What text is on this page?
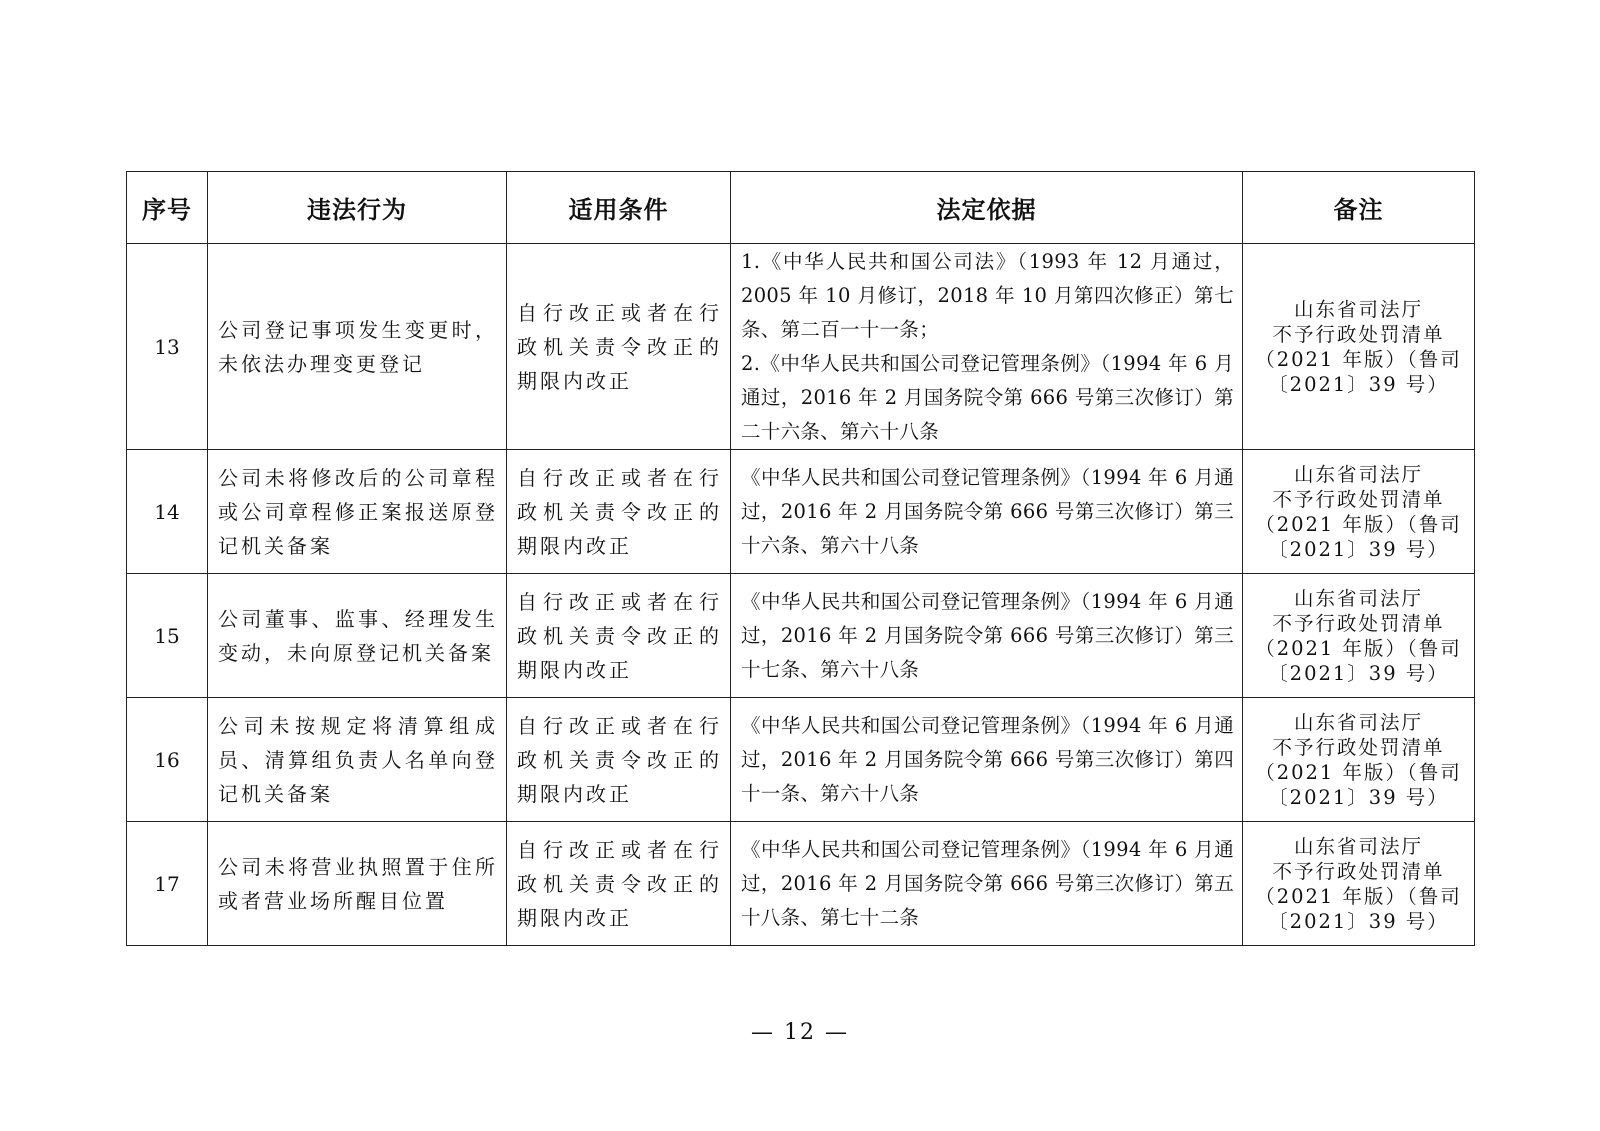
序号	违法行为	适用条件	法定依据	备注
13	公司登记事项发生变更时，未依法办理变更登记	自行改正或者在行政机关责令改正的期限内改正	1.《中华人民共和国公司法》（1993 年 12 月通过，2005 年 10 月修订，2018 年 10 月第四次修正）第七条、第二百一十一条；
2.《中华人民共和国公司登记管理条例》（1994 年 6 月通过，2016 年 2 月国务院令第 666 号第三次修订）第二十六条、第六十八条	山东省司法厅
不予行政处罚清单
（2021 年版）（鲁司
〔2021〕39 号）

14	公司未将修改后的公司章程或公司章程修正案报送原登记机关备案	自行改正或者在行政机关责令改正的期限内改正	《中华人民共和国公司登记管理条例》（1994 年 6 月通过，2016 年 2 月国务院令第 666 号第三次修订）第三十六条、第六十八条	山东省司法厅
不予行政处罚清单
（2021 年版）（鲁司
〔2021〕39 号）

15	公司董事、监事、经理发生变动，未向原登记机关备案	自行改正或者在行政机关责令改正的期限内改正	《中华人民共和国公司登记管理条例》（1994 年 6 月通过，2016 年 2 月国务院令第 666 号第三次修订）第三十七条、第六十八条	山东省司法厅
不予行政处罚清单
（2021 年版）（鲁司
〔2021〕39 号）

16	公司未按规定将清算组成员、清算组负责人名单向登记机关备案	自行改正或者在行政机关责令改正的期限内改正	《中华人民共和国公司登记管理条例》（1994 年 6 月通过，2016 年 2 月国务院令第 666 号第三次修订）第四十一条、第六十八条	山东省司法厅
不予行政处罚清单
（2021 年版）（鲁司
〔2021〕39 号）

17	公司未将营业执照置于住所或者营业场所醒目位置	自行改正或者在行政机关责令改正的期限内改正	《中华人民共和国公司登记管理条例》（1994 年 6 月通过，2016 年 2 月国务院令第 666 号第三次修订）第五十八条、第七十二条	山东省司法厅
不予行政处罚清单
（2021 年版）（鲁司
〔2021〕39 号）
— 12 —
